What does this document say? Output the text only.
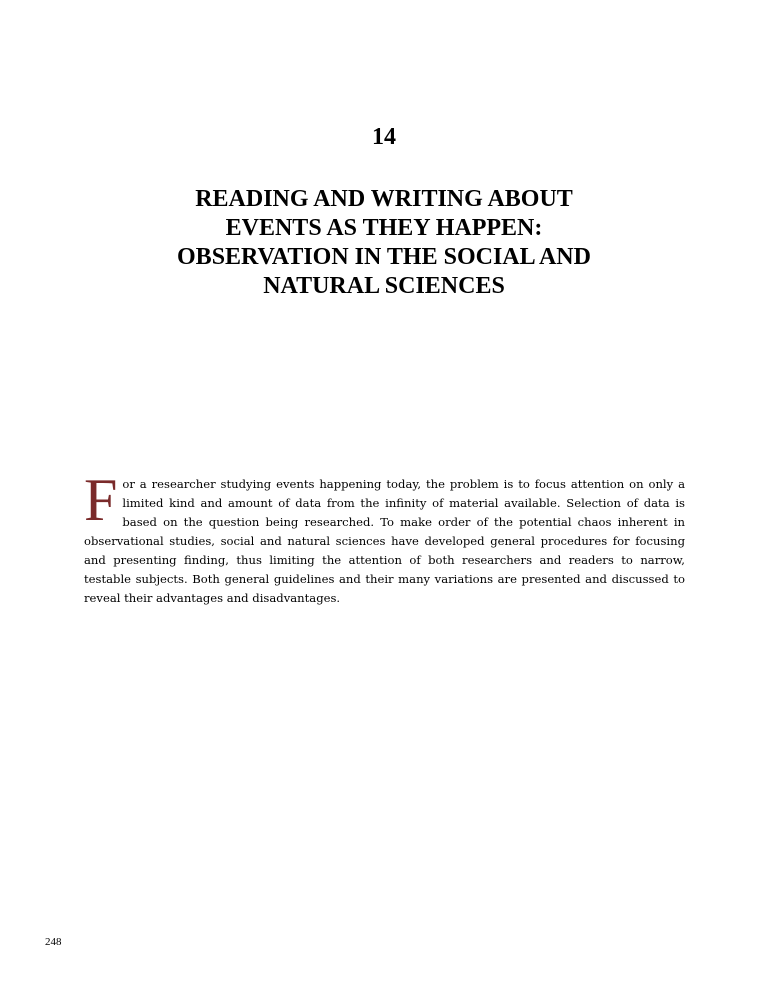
14
READING AND WRITING ABOUT
EVENTS AS THEY HAPPEN:
OBSERVATION IN THE SOCIAL AND
NATURAL SCIENCES

F or a researcher studying events happening today, the problem is to focus attention on only a limited kind and amount of data from the infinity of material available. Selection of data is based on the question being researched. To make order of the potential chaos inherent in observational studies, social and natural sciences have developed general procedures for focusing and presenting finding, thus limiting the attention of both researchers and readers to narrow, testable subjects. Both general guidelines and their many variations are presented and discussed to reveal their advantages and disadvantages.

248
